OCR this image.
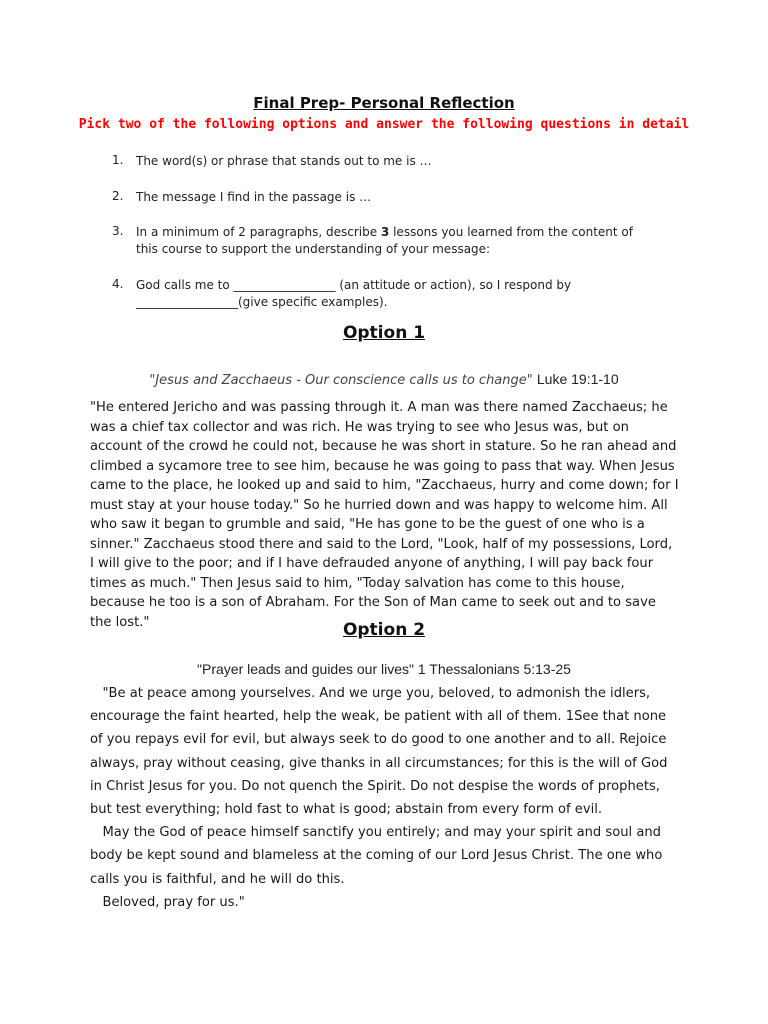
Final Prep- Personal Reflection
Pick two of the following options and answer the following questions in detail
1. The word(s) or phrase that stands out to me is …
2. The message I find in the passage is …
3. In a minimum of 2 paragraphs, describe 3 lessons you learned from the content of this course to support the understanding of your message:
4. God calls me to _________________ (an attitude or action), so I respond by _________________(give specific examples).
Option 1
"Jesus and Zacchaeus - Our conscience calls us to change" Luke 19:1-10
"He entered Jericho and was passing through it. A man was there named Zacchaeus; he was a chief tax collector and was rich. He was trying to see who Jesus was, but on account of the crowd he could not, because he was short in stature. So he ran ahead and climbed a sycamore tree to see him, because he was going to pass that way. When Jesus came to the place, he looked up and said to him, "Zacchaeus, hurry and come down; for I must stay at your house today." So he hurried down and was happy to welcome him. All who saw it began to grumble and said, "He has gone to be the guest of one who is a sinner." Zacchaeus stood there and said to the Lord, "Look, half of my possessions, Lord, I will give to the poor; and if I have defrauded anyone of anything, I will pay back four times as much." Then Jesus said to him, "Today salvation has come to this house, because he too is a son of Abraham. For the Son of Man came to seek out and to save the lost."	Option 2
"Prayer leads and guides our lives" 1 Thessalonians 5:13-25

"Be at peace among yourselves. And we urge you, beloved, to admonish the idlers, encourage the faint hearted, help the weak, be patient with all of them. 1See that none of you repays evil for evil, but always seek to do good to one another and to all. Rejoice always, pray without ceasing, give thanks in all circumstances; for this is the will of God in Christ Jesus for you. Do not quench the Spirit. Do not despise the words of prophets, but test everything; hold fast to what is good; abstain from every form of evil.

May the God of peace himself sanctify you entirely; and may your spirit and soul and body be kept sound and blameless at the coming of our Lord Jesus Christ. The one who calls you is faithful, and he will do this.

Beloved, pray for us."
